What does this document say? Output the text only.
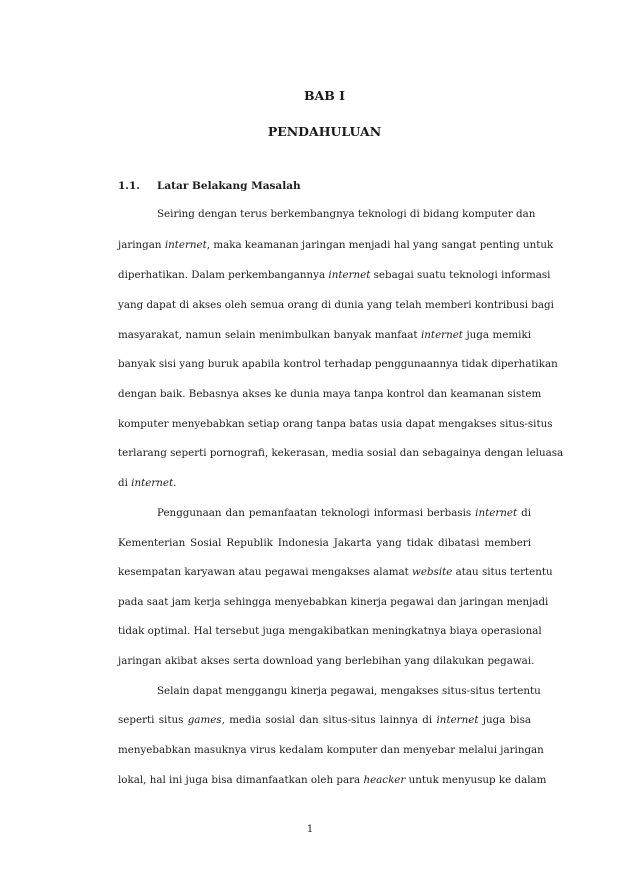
BAB I
PENDAHULUAN
1.1. Latar Belakang Masalah
Seiring dengan terus berkembangnya teknologi di bidang komputer dan
jaringan internet, maka keamanan jaringan menjadi hal yang sangat penting untuk
diperhatikan. Dalam perkembangannya internet sebagai suatu teknologi informasi
yang dapat di akses oleh semua orang di dunia yang telah memberi kontribusi bagi
masyarakat, namun selain menimbulkan banyak manfaat internet juga memiki
banyak sisi yang buruk apabila kontrol terhadap penggunaannya tidak diperhatikan
dengan baik. Bebasnya akses ke dunia maya tanpa kontrol dan keamanan sistem
komputer menyebabkan setiap orang tanpa batas usia dapat mengakses situs-situs
terlarang seperti pornografi, kekerasan, media sosial dan sebagainya dengan leluasa
di internet.
Penggunaan dan pemanfaatan teknologi informasi berbasis internet di
Kementerian Sosial Republik Indonesia Jakarta yang tidak dibatasi memberi
kesempatan karyawan atau pegawai mengakses alamat website atau situs tertentu
pada saat jam kerja sehingga menyebabkan kinerja pegawai dan jaringan menjadi
tidak optimal. Hal tersebut juga mengakibatkan meningkatnya biaya operasional
jaringan akibat akses serta download yang berlebihan yang dilakukan pegawai.
Selain dapat menggangu kinerja pegawai, mengakses situs-situs tertentu
seperti situs games, media sosial dan situs-situs lainnya di internet juga bisa
menyebabkan masuknya virus kedalam komputer dan menyebar melalui jaringan
lokal, hal ini juga bisa dimanfaatkan oleh para heacker untuk menyusup ke dalam
1
